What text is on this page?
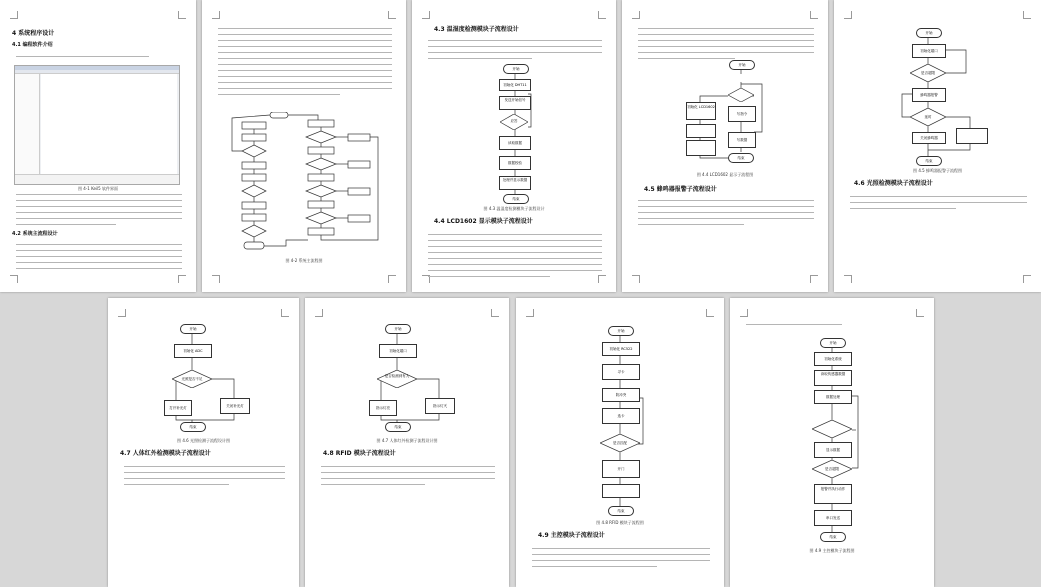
4 系统程序设计
4.1 编程软件介绍
图 4-1 Keil5 软件界面
4.2 系统主流程设计
图 4-2 系统主流程图
4.3 温湿度检测模块子流程设计
开始
初始化 DHT11
发送开始信号
应答
读取数据
数据校验
处理并显示数据
结束
图 4.3 温湿度检测模块子流程设计
4.4 LCD1602 显示模块子流程设计
开始
初始化 LCD1602
写指令
写数据
结束
图 4.4 LCD1602 显示子流程图
4.5 蜂鸣器报警子流程设计
开始
初始化端口
是否超限
蜂鸣器报警
延时
关闭蜂鸣器
结束
图 4.5 蜂鸣器报警子流程图
4.6 光照检测模块子流程设计
开始
初始化 ADC
光照是否不足
打开补光灯	关闭补光灯
结束
图 4.6 光照检测子流程设计图
4.7 人体红外检测模块子流程设计
开始
初始化端口
是否检测到有人
指示灯亮	指示灯灭
结束
图 4.7 人体红外检测子流程设计图
4.8 RFID 模块子流程设计
开始
初始化 RC522
寻卡
防冲突
选卡
是否匹配
开门
结束
图 4.8 RFID 模块子流程图
4.9 主控模块子流程设计
开始
初始化系统
读取传感器数据
数据处理
显示数据
是否超限
报警并执行动作
串口发送
结束
图 4.9 主控模块子流程图
